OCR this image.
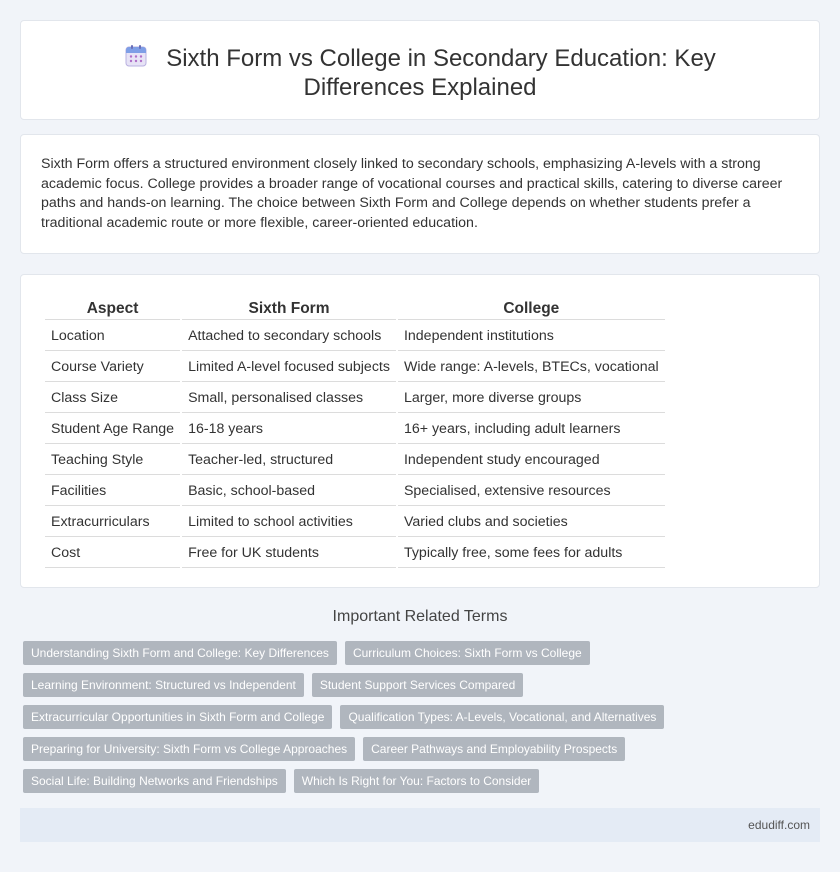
Sixth Form vs College in Secondary Education: Key Differences Explained

Sixth Form offers a structured environment closely linked to secondary schools, emphasizing A-levels with a strong academic focus. College provides a broader range of vocational courses and practical skills, catering to diverse career paths and hands-on learning. The choice between Sixth Form and College depends on whether students prefer a traditional academic route or more flexible, career-oriented education.

Aspect	Sixth Form	College
Location	Attached to secondary schools	Independent institutions
Course Variety	Limited A-level focused subjects	Wide range: A-levels, BTECs, vocational
Class Size	Small, personalised classes	Larger, more diverse groups
Student Age Range	16-18 years	16+ years, including adult learners
Teaching Style	Teacher-led, structured	Independent study encouraged
Facilities	Basic, school-based	Specialised, extensive resources
Extracurriculars	Limited to school activities	Varied clubs and societies
Cost	Free for UK students	Typically free, some fees for adults
Important Related Terms
Understanding Sixth Form and College: Key Differences	Curriculum Choices: Sixth Form vs College
Learning Environment: Structured vs Independent	Student Support Services Compared
Extracurricular Opportunities in Sixth Form and College	Qualification Types: A-Levels, Vocational, and Alternatives
Preparing for University: Sixth Form vs College Approaches	Career Pathways and Employability Prospects
Social Life: Building Networks and Friendships	Which Is Right for You: Factors to Consider
edudiff.com
